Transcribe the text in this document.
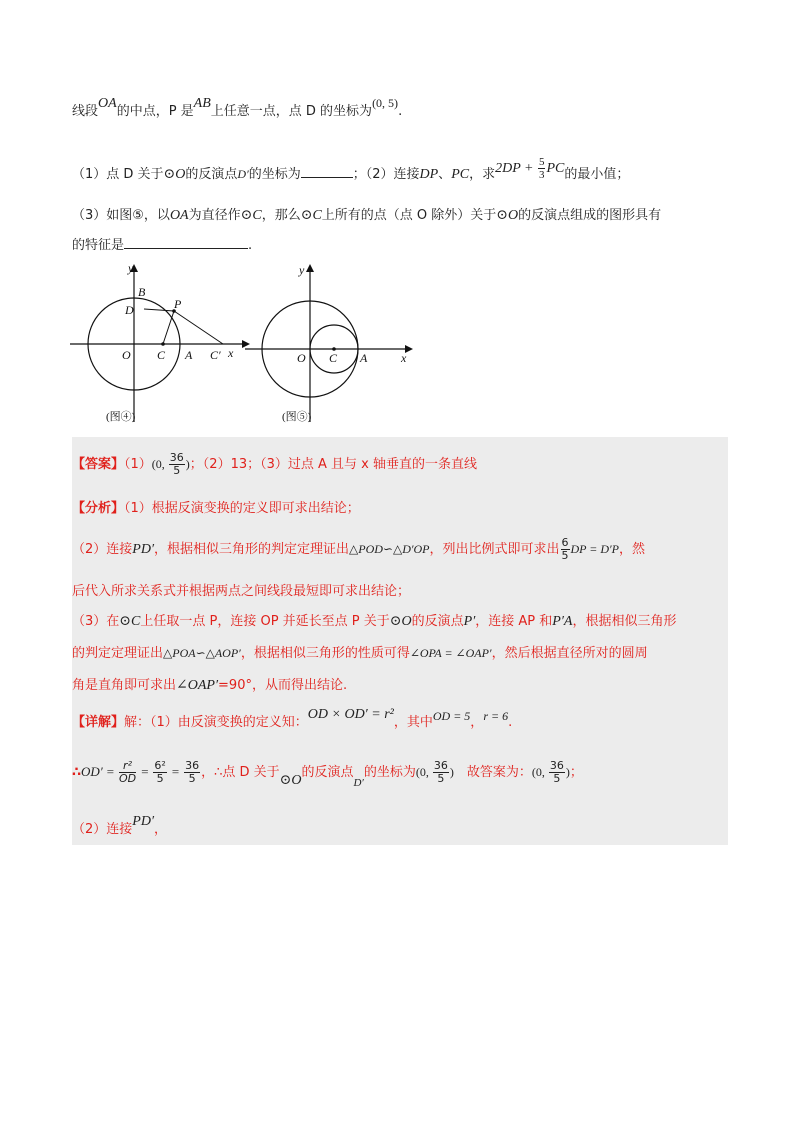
线段OA的中点，P 是AB上任意一点，点 D 的坐标为(0, 5).
（1）点 D 关于⊙O的反演点D′的坐标为	；（2）连接DP、PC，求$2DP + \frac{5}{3}$ PC的最小值；
（3）如图⑤，以OA为直径作⊙C，那么⊙C上所有的点（点 O 除外）关于⊙O的反演点组成的图形具有
的特征是	.
y
x
B
D	P
O C A C′
(图④)
y
x
O C A
(图⑤)
【答案】（1）(0, $\frac{36}{5}$ )；（2）13；（3）过点 A 且与 x 轴垂直的一条直线
【分析】（1）根据反演变换的定义即可求出结论；
（2）连接PD′，根据相似三角形的判定定理证出△POD∽△D′OP，列出比例式即可求出 $\frac{6}{5}$ DP = D′P，然
后代入所求关系式并根据两点之间线段最短即可求出结论；
（3）在⊙C上任取一点 P，连接 OP 并延长至点 P 关于⊙O的反演点P′，连接 AP 和P′A，根据相似三角形
的判定定理证出△POA∽△AOP′，根据相似三角形的性质可得∠OPA = ∠OAP′，然后根据直径所对的圆周
角是直角即可求出∠OAP′=90°，从而得出结论.
【详解】解：（1）由反演变换的定义知：OD × OD′ = r²，其中OD = 5，r = 6.
∴OD′ = $\frac{\text{r²}}{OD} = \frac{\text{6²}}{5} = \frac{36}{5}$ ，∴点 D 关于⊙O的反演点$_{D'}$的坐标为(0, $\frac{36}{5}$ )　故答案为：(0, $\frac{36}{5}$ )；
（2）连接PD′，
